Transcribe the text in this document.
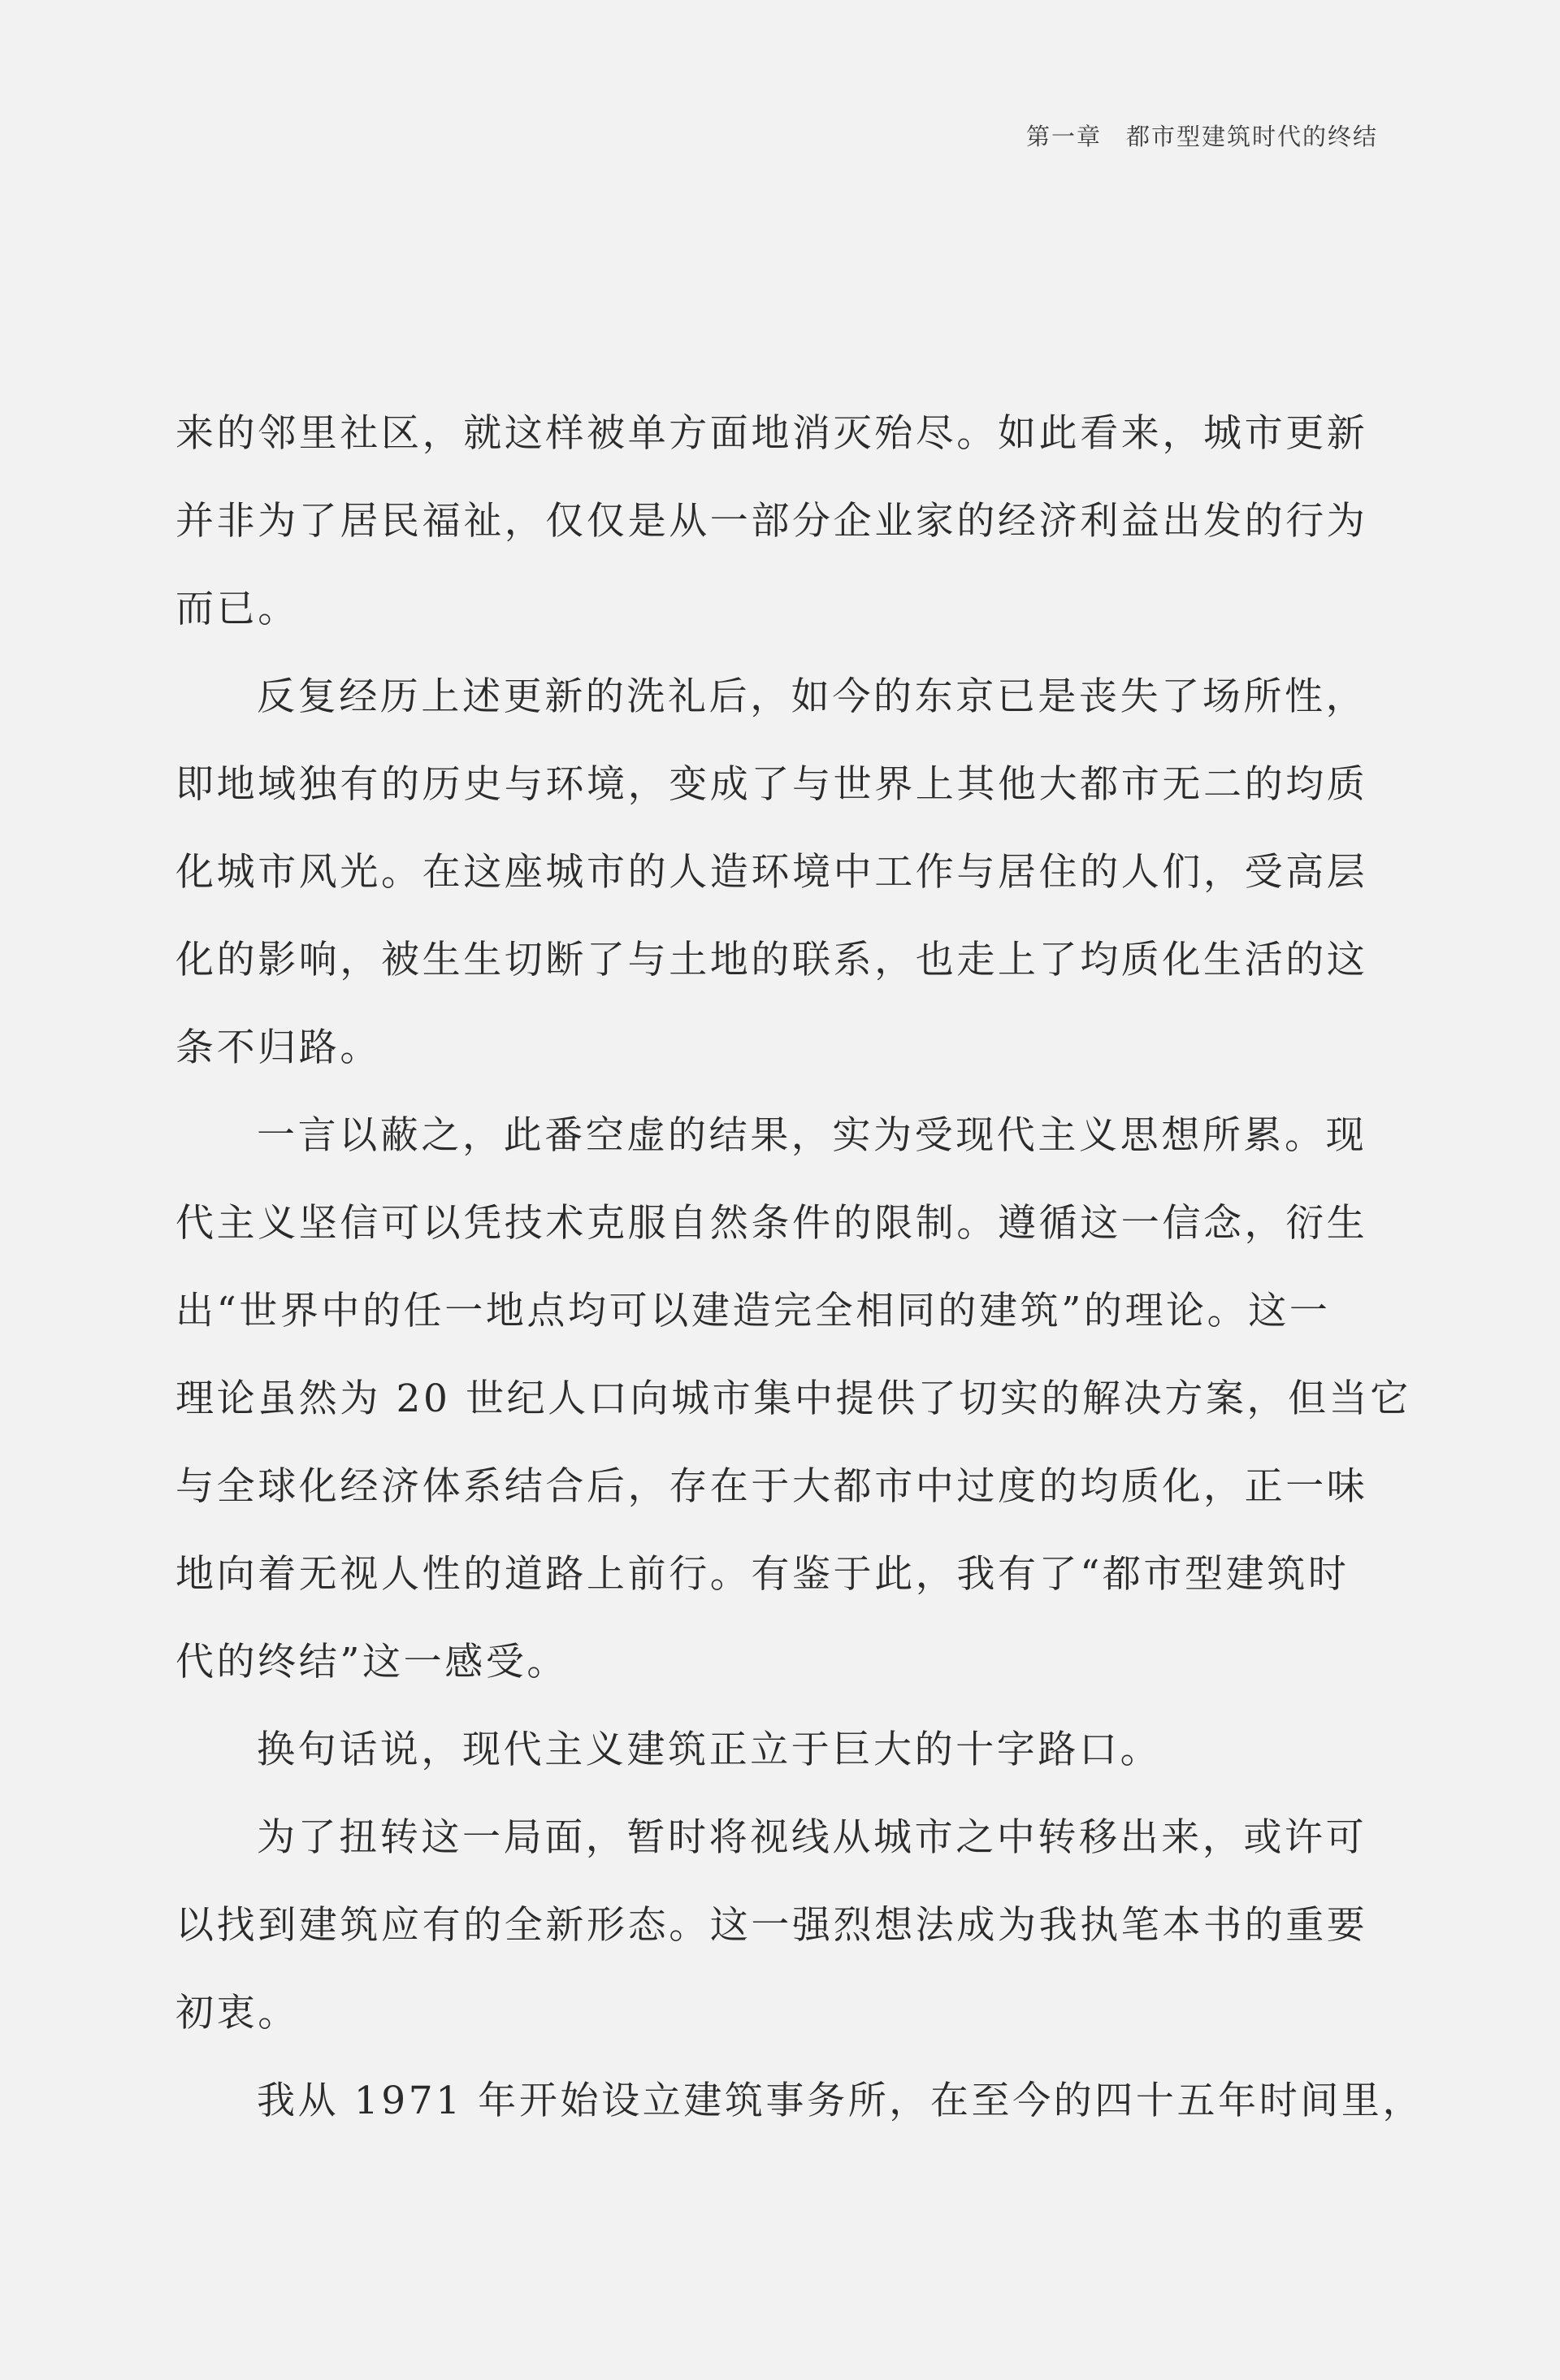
第一章 都市型建筑时代的终结
来的邻里社区，就这样被单方面地消灭殆尽。如此看来，城市更新
并非为了居民福祉，仅仅是从一部分企业家的经济利益出发的行为
而已。
反复经历上述更新的洗礼后，如今的东京已是丧失了场所性，
即地域独有的历史与环境，变成了与世界上其他大都市无二的均质
化城市风光。在这座城市的人造环境中工作与居住的人们，受高层
化的影响，被生生切断了与土地的联系，也走上了均质化生活的这
条不归路。
一言以蔽之，此番空虚的结果，实为受现代主义思想所累。现
代主义坚信可以凭技术克服自然条件的限制。遵循这一信念，衍生
出“世界中的任一地点均可以建造完全相同的建筑”的理论。这一
理论虽然为 20 世纪人口向城市集中提供了切实的解决方案，但当它
与全球化经济体系结合后，存在于大都市中过度的均质化，正一味
地向着无视人性的道路上前行。有鉴于此，我有了“都市型建筑时
代的终结”这一感受。
换句话说，现代主义建筑正立于巨大的十字路口。
为了扭转这一局面，暂时将视线从城市之中转移出来，或许可
以找到建筑应有的全新形态。这一强烈想法成为我执笔本书的重要
初衷。
我从 1971 年开始设立建筑事务所，在至今的四十五年时间里，
